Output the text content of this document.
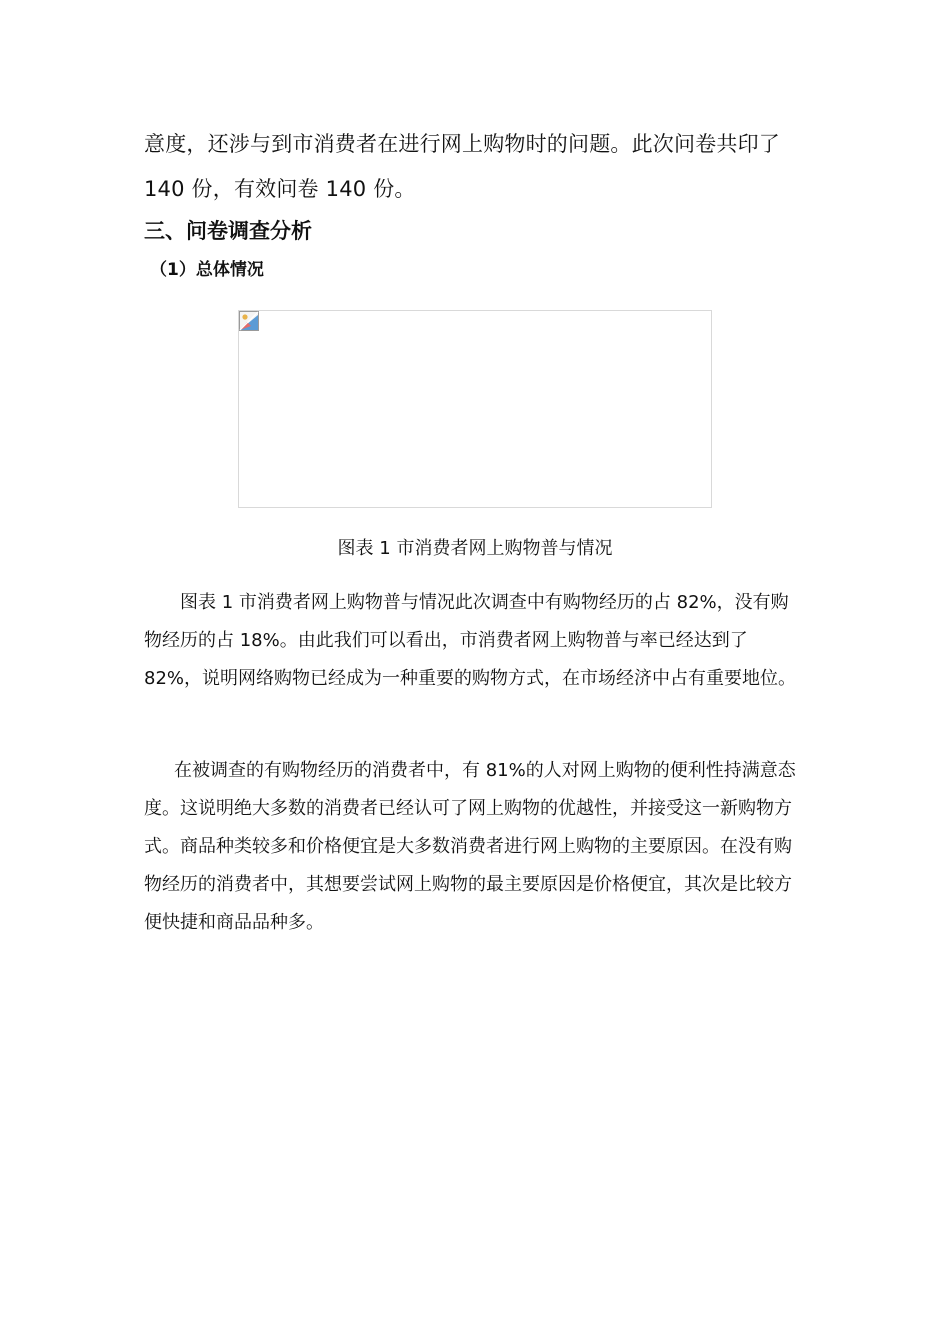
意度，还涉与到市消费者在进行网上购物时的问题。此次问卷共印了 140 份，有效问卷 140 份。

三、问卷调查分析
（1）总体情况
图表 1 市消费者网上购物普与情况

图表 1 市消费者网上购物普与情况此次调查中有购物经历的占 82%，没有购物经历的占 18%。由此我们可以看出，市消费者网上购物普与率已经达到了 82%，说明网络购物已经成为一种重要的购物方式，在市场经济中占有重要地位。

在被调查的有购物经历的消费者中，有 81%的人对网上购物的便利性持满意态度。这说明绝大多数的消费者已经认可了网上购物的优越性，并接受这一新购物方式。商品种类较多和价格便宜是大多数消费者进行网上购物的主要原因。在没有购物经历的消费者中，其想要尝试网上购物的最主要原因是价格便宜，其次是比较方便快捷和商品品种多。
